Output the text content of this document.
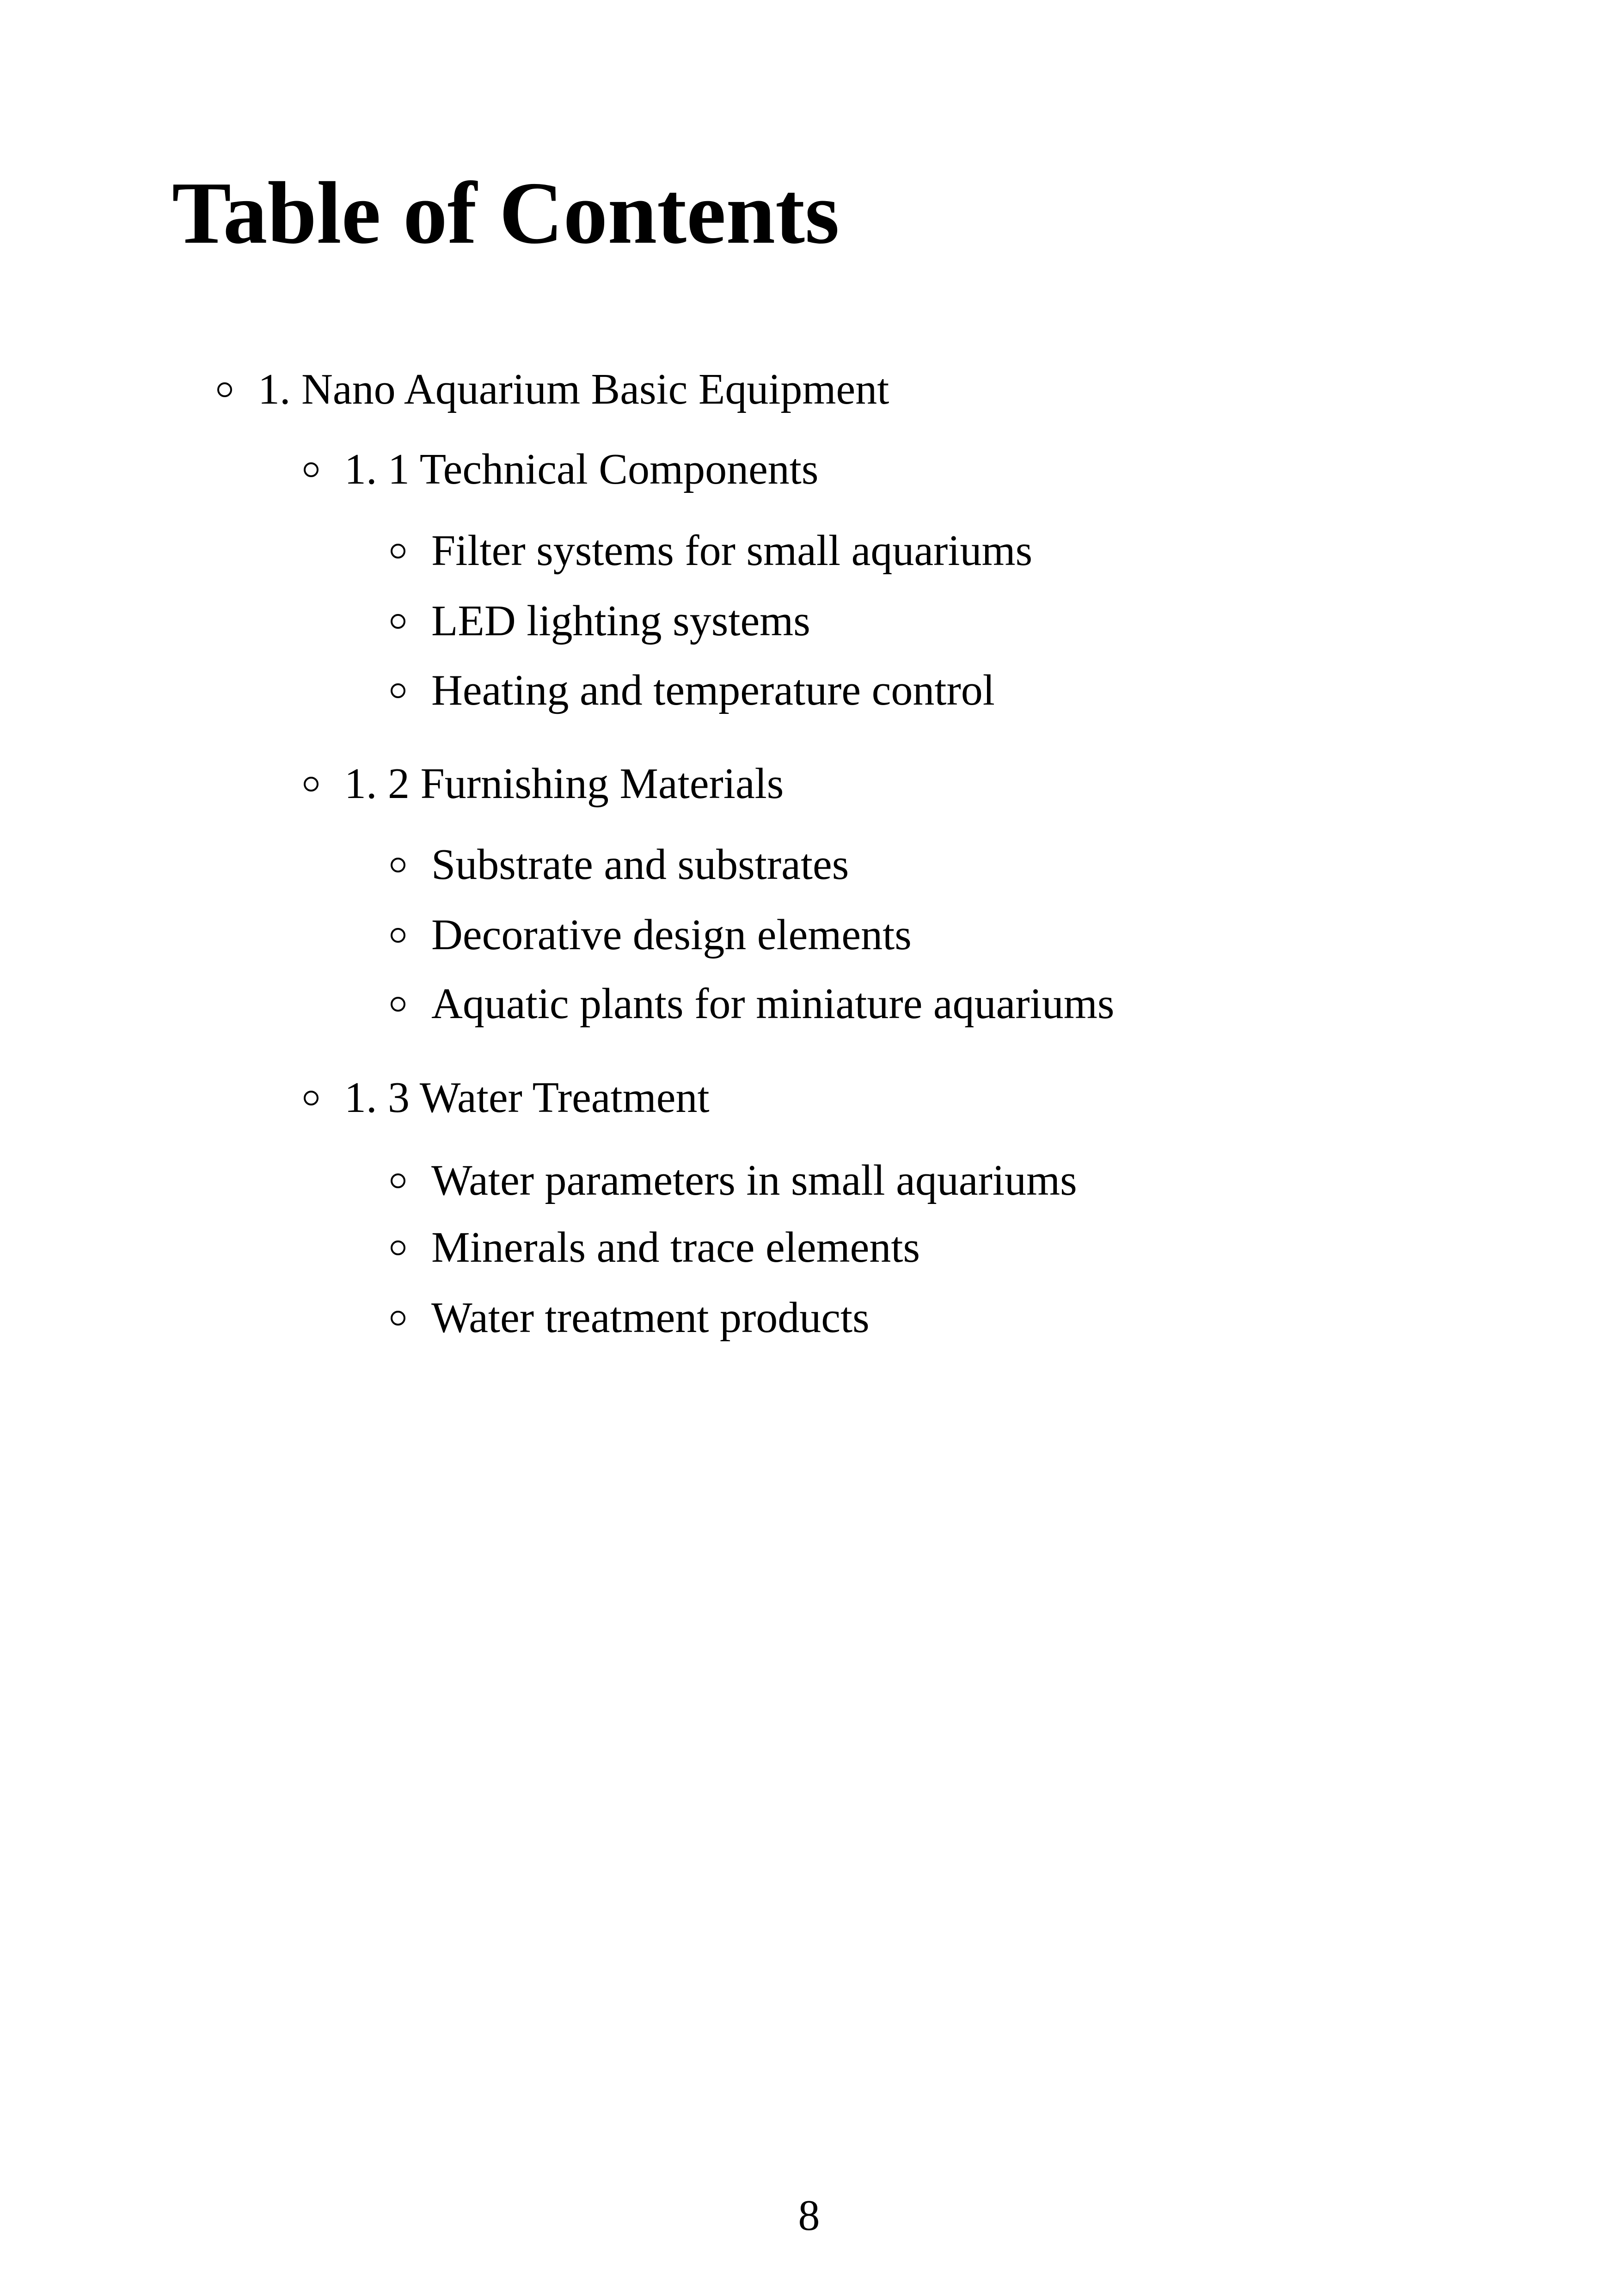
Table of Contents
1. Nano Aquarium Basic Equipment
1. 1 Technical Components
Filter systems for small aquariums
LED lighting systems
Heating and temperature control
1. 2 Furnishing Materials
Substrate and substrates
Decorative design elements
Aquatic plants for miniature aquariums
1. 3 Water Treatment
Water parameters in small aquariums
Minerals and trace elements
Water treatment products
8
